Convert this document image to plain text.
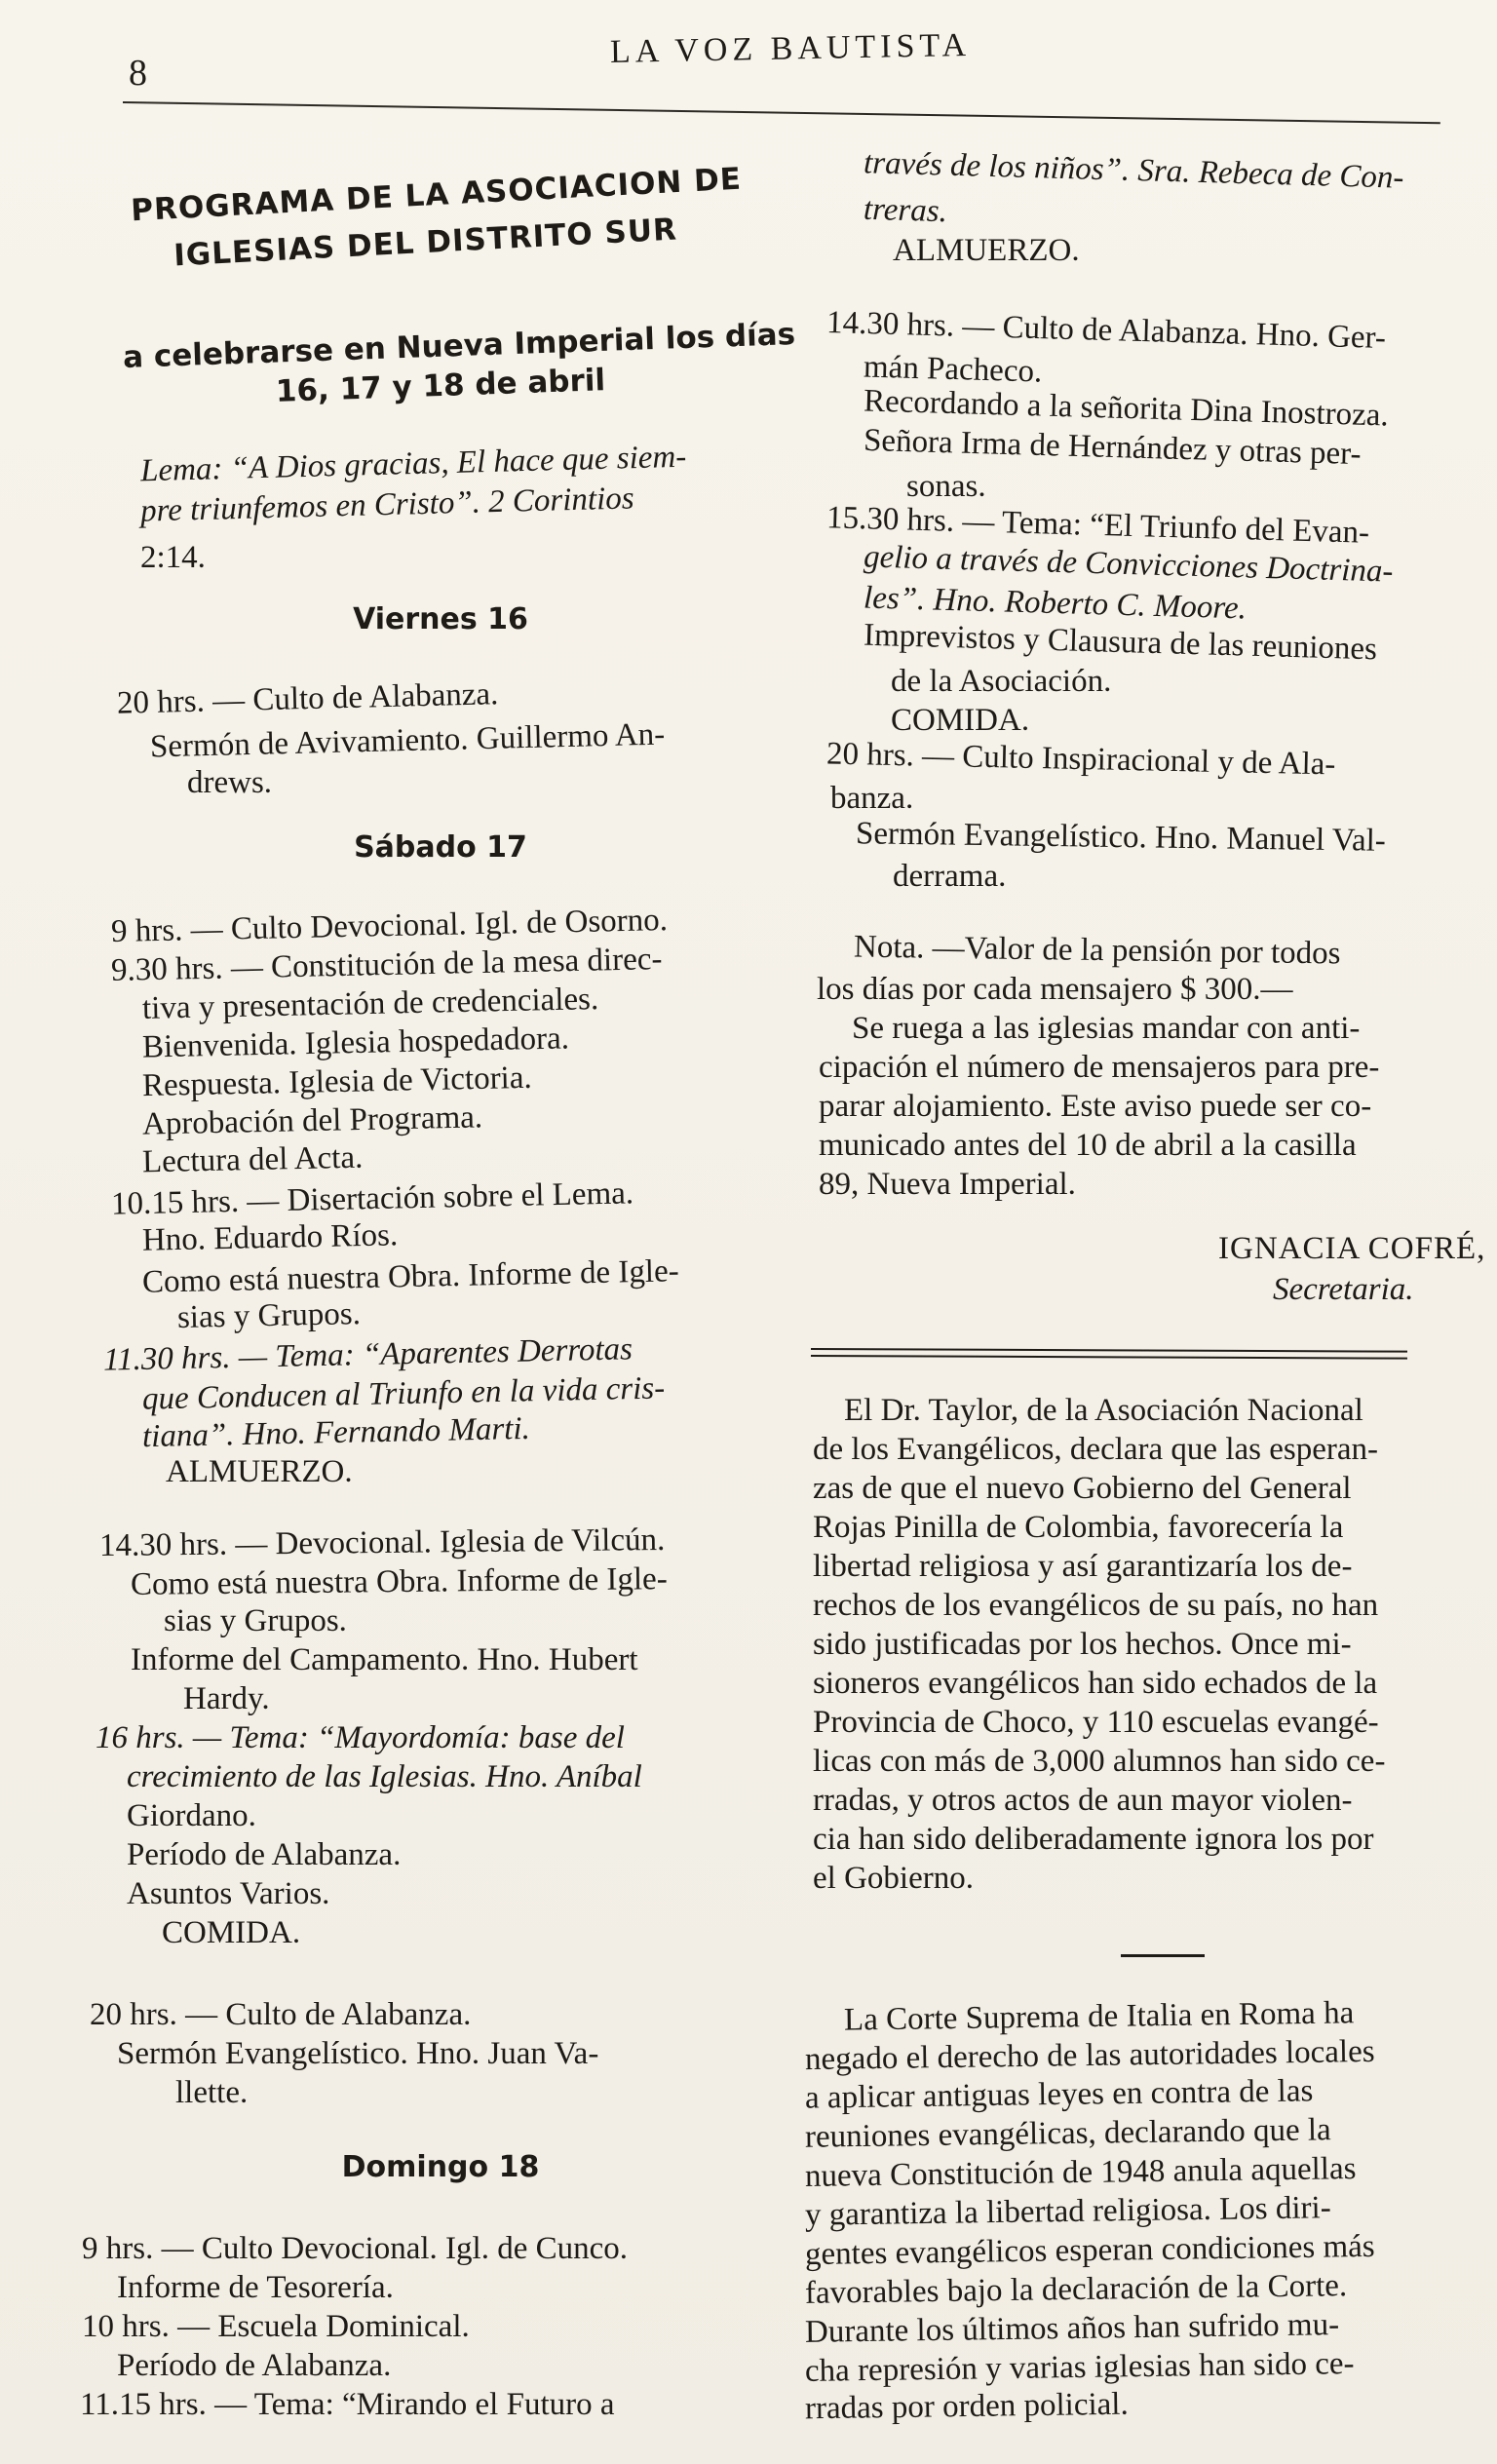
8
LA VOZ BAUTISTA
PROGRAMA DE LA ASOCIACION DE
IGLESIAS DEL DISTRITO SUR
a celebrarse en Nueva Imperial los días
16, 17 y 18 de abril
Lema: “A Dios gracias, El hace que siem-
pre triunfemos en Cristo”. 2 Corintios
2:14.
Viernes 16
20 hrs. — Culto de Alabanza.
Sermón de Avivamiento. Guillermo An-
drews.
Sábado 17
9 hrs. — Culto Devocional. Igl. de Osorno.
9.30 hrs. — Constitución de la mesa direc-
tiva y presentación de credenciales.
Bienvenida. Iglesia hospedadora.
Respuesta. Iglesia de Victoria.
Aprobación del Programa.
Lectura del Acta.
10.15 hrs. — Disertación sobre el Lema.
Hno. Eduardo Ríos.
Como está nuestra Obra. Informe de Igle-
sias y Grupos.
11.30 hrs. — Tema: “Aparentes Derrotas
que Conducen al Triunfo en la vida cris-
tiana”. Hno. Fernando Marti.
ALMUERZO.
14.30 hrs. — Devocional. Iglesia de Vilcún.
Como está nuestra Obra. Informe de Igle-
sias y Grupos.
Informe del Campamento. Hno. Hubert
Hardy.
16 hrs. — Tema: “Mayordomía: base del
crecimiento de las Iglesias. Hno. Aníbal
Giordano.
Período de Alabanza.
Asuntos Varios.
COMIDA.
20 hrs. — Culto de Alabanza.
Sermón Evangelístico. Hno. Juan Va-
llette.
Domingo 18
9 hrs. — Culto Devocional. Igl. de Cunco.
Informe de Tesorería.
10 hrs. — Escuela Dominical.
Período de Alabanza.
11.15 hrs. — Tema: “Mirando el Futuro a
través de los niños”. Sra. Rebeca de Con-
treras.
ALMUERZO.
14.30 hrs. — Culto de Alabanza. Hno. Ger-
mán Pacheco.
Recordando a la señorita Dina Inostroza.
Señora Irma de Hernández y otras per-
sonas.
15.30 hrs. — Tema: “El Triunfo del Evan-
gelio a través de Convicciones Doctrina-
les”. Hno. Roberto C. Moore.
Imprevistos y Clausura de las reuniones
de la Asociación.
COMIDA.
20 hrs. — Culto Inspiracional y de Ala-
banza.
Sermón Evangelístico. Hno. Manuel Val-
derrama.
Nota. —Valor de la pensión por todos
los días por cada mensajero $ 300.—
Se ruega a las iglesias mandar con anti-
cipación el número de mensajeros para pre-
parar alojamiento. Este aviso puede ser co-
municado antes del 10 de abril a la casilla
89, Nueva Imperial.
IGNACIA COFRÉ,
Secretaria.
El Dr. Taylor, de la Asociación Nacional
de los Evangélicos, declara que las esperan-
zas de que el nuevo Gobierno del General
Rojas Pinilla de Colombia, favorecería la
libertad religiosa y así garantizaría los de-
rechos de los evangélicos de su país, no han
sido justificadas por los hechos. Once mi-
sioneros evangélicos han sido echados de la
Provincia de Choco, y 110 escuelas evangé-
licas con más de 3,000 alumnos han sido ce-
rradas, y otros actos de aun mayor violen-
cia han sido deliberadamente ignora los por
el Gobierno.
La Corte Suprema de Italia en Roma ha
negado el derecho de las autoridades locales
a aplicar antiguas leyes en contra de las
reuniones evangélicas, declarando que la
nueva Constitución de 1948 anula aquellas
y garantiza la libertad religiosa. Los diri-
gentes evangélicos esperan condiciones más
favorables bajo la declaración de la Corte.
Durante los últimos años han sufrido mu-
cha represión y varias iglesias han sido ce-
rradas por orden policial.
